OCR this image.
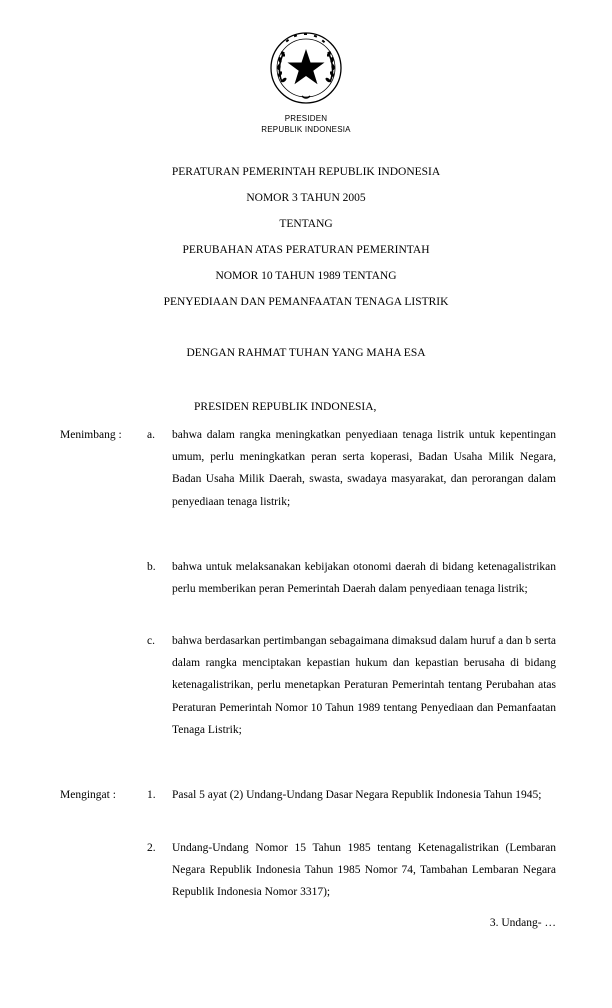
PRESIDEN
REPUBLIK INDONESIA
PERATURAN PEMERINTAH REPUBLIK INDONESIA
NOMOR 3 TAHUN 2005
TENTANG
PERUBAHAN ATAS PERATURAN PEMERINTAH
NOMOR 10 TAHUN 1989 TENTANG
PENYEDIAAN DAN PEMANFAATAN TENAGA LISTRIK
DENGAN RAHMAT TUHAN YANG MAHA ESA
PRESIDEN REPUBLIK INDONESIA,
Menimbang : a. bahwa dalam rangka meningkatkan penyediaan tenaga listrik untuk kepentingan umum, perlu meningkatkan peran serta koperasi, Badan Usaha Milik Negara, Badan Usaha Milik Daerah, swasta, swadaya masyarakat, dan perorangan dalam penyediaan tenaga listrik;
b. bahwa untuk melaksanakan kebijakan otonomi daerah di bidang ketenagalistrikan perlu memberikan peran Pemerintah Daerah dalam penyediaan tenaga listrik;
c. bahwa berdasarkan pertimbangan sebagaimana dimaksud dalam huruf a dan b serta dalam rangka menciptakan kepastian hukum dan kepastian berusaha di bidang ketenagalistrikan, perlu menetapkan Peraturan Pemerintah tentang Perubahan atas Peraturan Pemerintah Nomor 10 Tahun 1989 tentang Penyediaan dan Pemanfaatan Tenaga Listrik;
Mengingat :	1. Pasal 5 ayat (2) Undang-Undang Dasar Negara Republik Indonesia Tahun 1945;
2. Undang-Undang Nomor 15 Tahun 1985 tentang Ketenagalistrikan (Lembaran Negara Republik Indonesia Tahun 1985 Nomor 74, Tambahan Lembaran Negara Republik Indonesia Nomor 3317);
3. Undang- …
